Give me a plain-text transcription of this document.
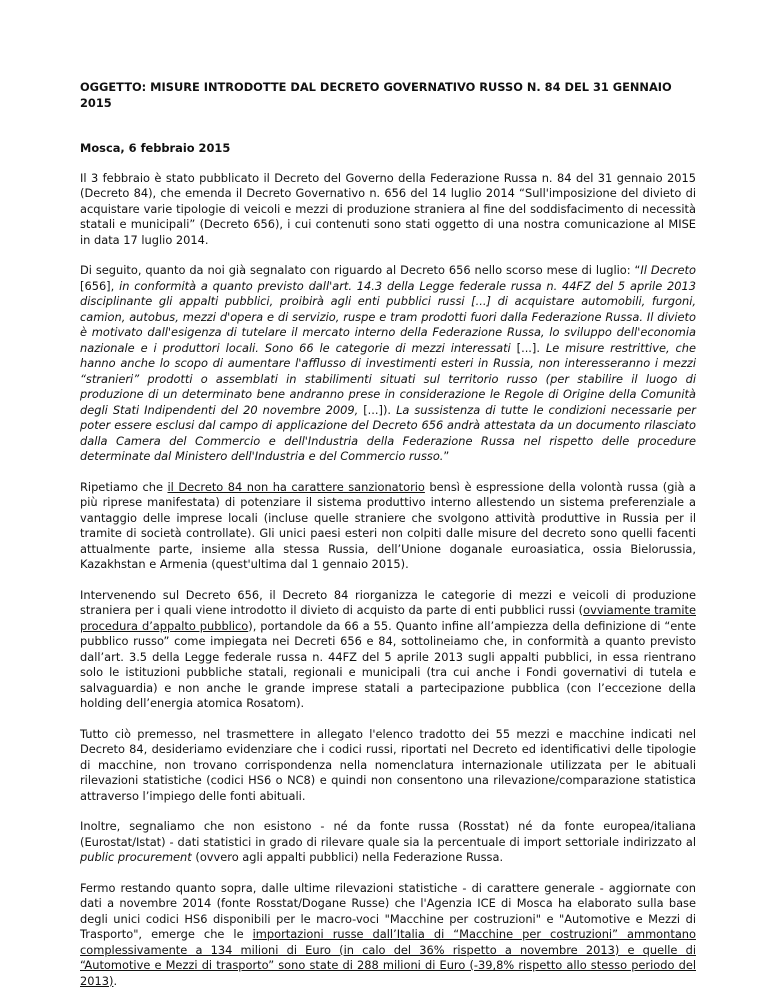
OGGETTO: MISURE INTRODOTTE DAL DECRETO GOVERNATIVO RUSSO N. 84 DEL 31 GENNAIO 2015
Mosca, 6 febbraio 2015

Il 3 febbraio è stato pubblicato il Decreto del Governo della Federazione Russa n. 84 del 31 gennaio 2015 (Decreto 84), che emenda il Decreto Governativo n. 656 del 14 luglio 2014 “Sull'imposizione del divieto di acquistare varie tipologie di veicoli e mezzi di produzione straniera al fine del soddisfacimento di necessità statali e municipali” (Decreto 656), i cui contenuti sono stati oggetto di una nostra comunicazione al MISE in data 17 luglio 2014.

Di seguito, quanto da noi già segnalato con riguardo al Decreto 656 nello scorso mese di luglio: “Il Decreto [656], in conformità a quanto previsto dall'art. 14.3 della Legge federale russa n. 44FZ del 5 aprile 2013 disciplinante gli appalti pubblici, proibirà agli enti pubblici russi [...] di acquistare automobili, furgoni, camion, autobus, mezzi d'opera e di servizio, ruspe e tram prodotti fuori dalla Federazione Russa. Il divieto è motivato dall'esigenza di tutelare il mercato interno della Federazione Russa, lo sviluppo dell'economia nazionale e i produttori locali. Sono 66 le categorie di mezzi interessati [...]. Le misure restrittive, che hanno anche lo scopo di aumentare l'afflusso di investimenti esteri in Russia, non interesseranno i mezzi “stranieri” prodotti o assemblati in stabilimenti situati sul territorio russo (per stabilire il luogo di produzione di un determinato bene andranno prese in considerazione le Regole di Origine della Comunità degli Stati Indipendenti del 20 novembre 2009, [...]). La sussistenza di tutte le condizioni necessarie per poter essere esclusi dal campo di applicazione del Decreto 656 andrà attestata da un documento rilasciato dalla Camera del Commercio e dell'Industria della Federazione Russa nel rispetto delle procedure determinate dal Ministero dell'Industria e del Commercio russo.”

Ripetiamo che il Decreto 84 non ha carattere sanzionatorio bensì è espressione della volontà russa (già a più riprese manifestata) di potenziare il sistema produttivo interno allestendo un sistema preferenziale a vantaggio delle imprese locali (incluse quelle straniere che svolgono attività produttive in Russia per il tramite di società controllate). Gli unici paesi esteri non colpiti dalle misure del decreto sono quelli facenti attualmente parte, insieme alla stessa Russia, dell’Unione doganale euroasiatica, ossia Bielorussia, Kazakhstan e Armenia (quest'ultima dal 1 gennaio 2015).

Intervenendo sul Decreto 656, il Decreto 84 riorganizza le categorie di mezzi e veicoli di produzione straniera per i quali viene introdotto il divieto di acquisto da parte di enti pubblici russi (ovviamente tramite procedura d’appalto pubblico), portandole da 66 a 55. Quanto infine all’ampiezza della definizione di “ente pubblico russo” come impiegata nei Decreti 656 e 84, sottolineiamo che, in conformità a quanto previsto dall’art. 3.5 della Legge federale russa n. 44FZ del 5 aprile 2013 sugli appalti pubblici, in essa rientrano solo le istituzioni pubbliche statali, regionali e municipali (tra cui anche i Fondi governativi di tutela e salvaguardia) e non anche le grande imprese statali a partecipazione pubblica (con l’eccezione della holding dell’energia atomica Rosatom).

Tutto ciò premesso, nel trasmettere in allegato l'elenco tradotto dei 55 mezzi e macchine indicati nel Decreto 84, desideriamo evidenziare che i codici russi, riportati nel Decreto ed identificativi delle tipologie di macchine, non trovano corrispondenza nella nomenclatura internazionale utilizzata per le abituali rilevazioni statistiche (codici HS6 o NC8) e quindi non consentono una rilevazione/comparazione statistica attraverso l’impiego delle fonti abituali.

Inoltre, segnaliamo che non esistono - né da fonte russa (Rosstat) né da fonte europea/italiana (Eurostat/Istat) - dati statistici in grado di rilevare quale sia la percentuale di import settoriale indirizzato al public procurement (ovvero agli appalti pubblici) nella Federazione Russa.

Fermo restando quanto sopra, dalle ultime rilevazioni statistiche - di carattere generale - aggiornate con dati a novembre 2014 (fonte Rosstat/Dogane Russe) che l'Agenzia ICE di Mosca ha elaborato sulla base degli unici codici HS6 disponibili per le macro-voci "Macchine per costruzioni" e "Automotive e Mezzi di Trasporto", emerge che le importazioni russe dall’Italia di “Macchine per costruzioni” ammontano complessivamente a 134 milioni di Euro (in calo del 36% rispetto a novembre 2013) e quelle di “Automotive e Mezzi di trasporto” sono state di 288 milioni di Euro (-39,8% rispetto allo stesso periodo del 2013).
